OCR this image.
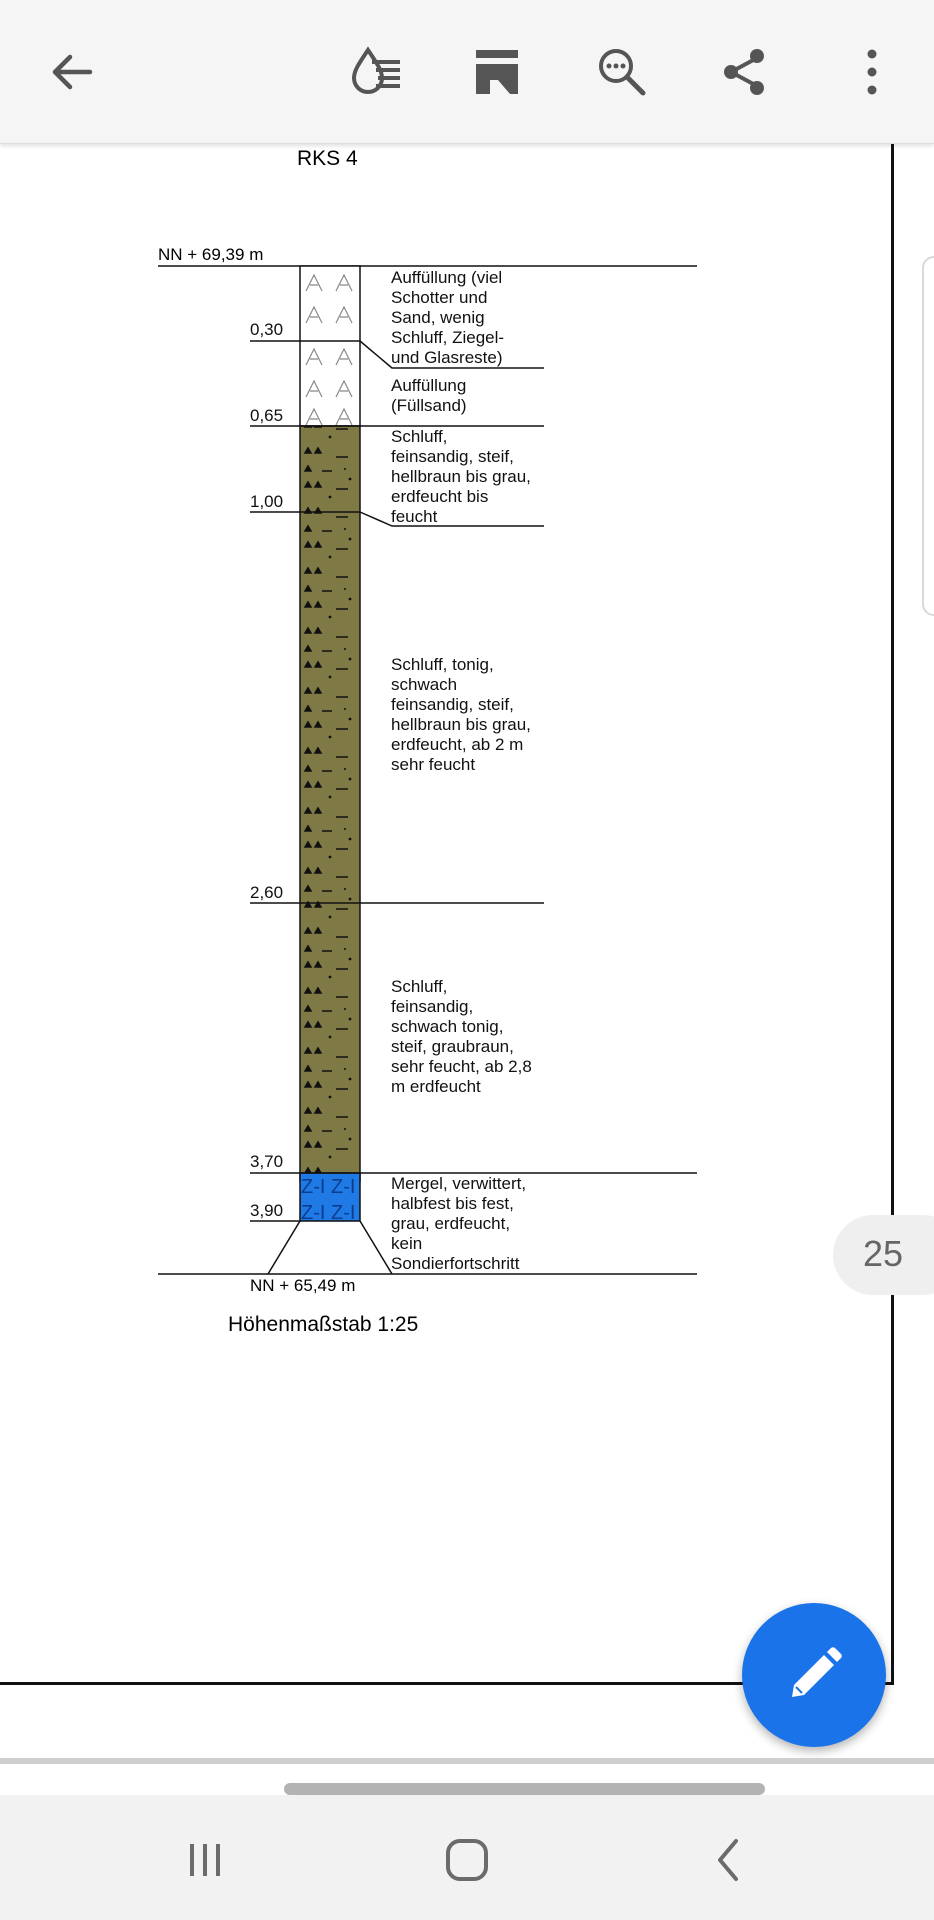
RKS 4
NN + 69,39 m
Z-I Z-I
Z-I Z-I
NN + 65,49 m
0,30
0,65
1,00
2,60
3,70
3,90
Auffüllung (viel Schotter und Sand, wenig Schluff, Ziegel- und Glasreste)
Auffüllung (Füllsand)
Schluff, feinsandig, steif, hellbraun bis grau, erdfeucht bis feucht
Schluff, tonig, schwach feinsandig, steif, hellbraun bis grau, erdfeucht, ab 2 m sehr feucht
Schluff, feinsandig, schwach tonig, steif, graubraun, sehr feucht, ab 2,8 m erdfeucht
Mergel, verwittert, halbfest bis fest, grau, erdfeucht, kein Sondierfortschritt
Höhenmaßstab 1:25
25
